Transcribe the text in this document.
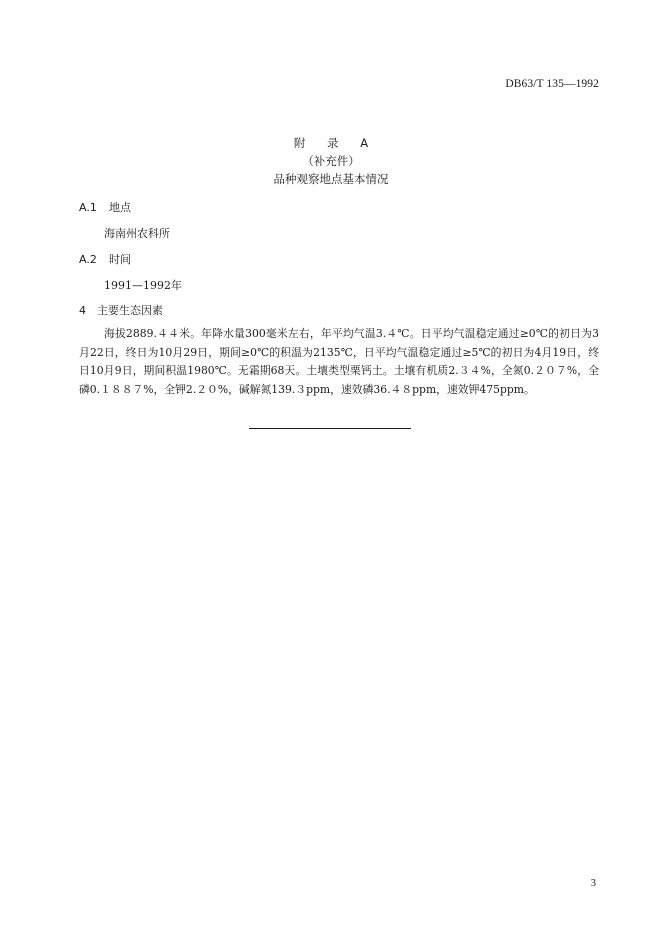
DB63/T 135—1992
附 录 A
（补充件）
品种观察地点基本情况
A.1 地点
海南州农科所
A.2 时间
1991—1992年
4 主要生态因素
海拔2889.４４米。年降水量300毫米左右，年平均气温3.４℃。日平均气温稳定通过≥0℃的初日为3月22日，终日为10月29日，期间≥0℃的积温为2135℃，日平均气温稳定通过≥5℃的初日为4月19日，终日10月9日，期间积温1980℃。无霜期68天。土壤类型栗钙土。土壤有机质2.３４%，全氮0.２０７%，全磷0.１８８７%，全钾2.２０%，碱解氮139.３ppm，速效磷36.４８ppm，速效钾475ppm。
3
